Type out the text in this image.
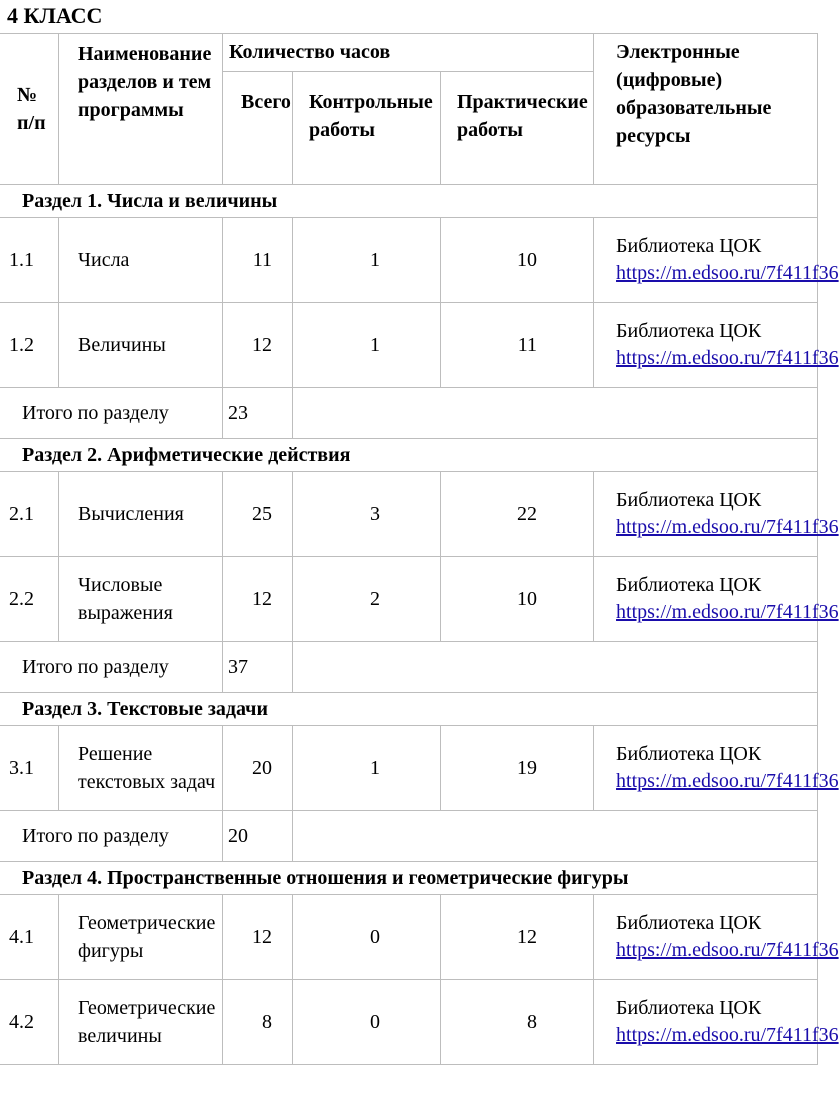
4 КЛАСС
№ п/п	Наименование разделов и тем программы	Количество часов			Электронные (цифровые) образовательные ресурсы
		Всего	Контрольные работы	Практические работы	
Раздел 1. Числа и величины					
1.1	Числа	11	1	10	Библиотека ЦОК
https://m.edsoo.ru/7f411f36
1.2	Величины	12	1	11	Библиотека ЦОК
https://m.edsoo.ru/7f411f36
Итого по разделу		23			
Раздел 2. Арифметические действия					
2.1	Вычисления	25	3	22	Библиотека ЦОК
https://m.edsoo.ru/7f411f36
2.2	Числовые выражения	12	2	10	Библиотека ЦОК
https://m.edsoo.ru/7f411f36
Итого по разделу		37			
Раздел 3. Текстовые задачи					
3.1	Решение текстовых задач	20	1	19	Библиотека ЦОК
https://m.edsoo.ru/7f411f36
Итого по разделу		20			
Раздел 4. Пространственные отношения и геометрические фигуры					
4.1	Геометрические фигуры	12	0	12	Библиотека ЦОК
https://m.edsoo.ru/7f411f36
4.2	Геометрические величины	8	0	8	Библиотека ЦОК
https://m.edsoo.ru/7f411f36
